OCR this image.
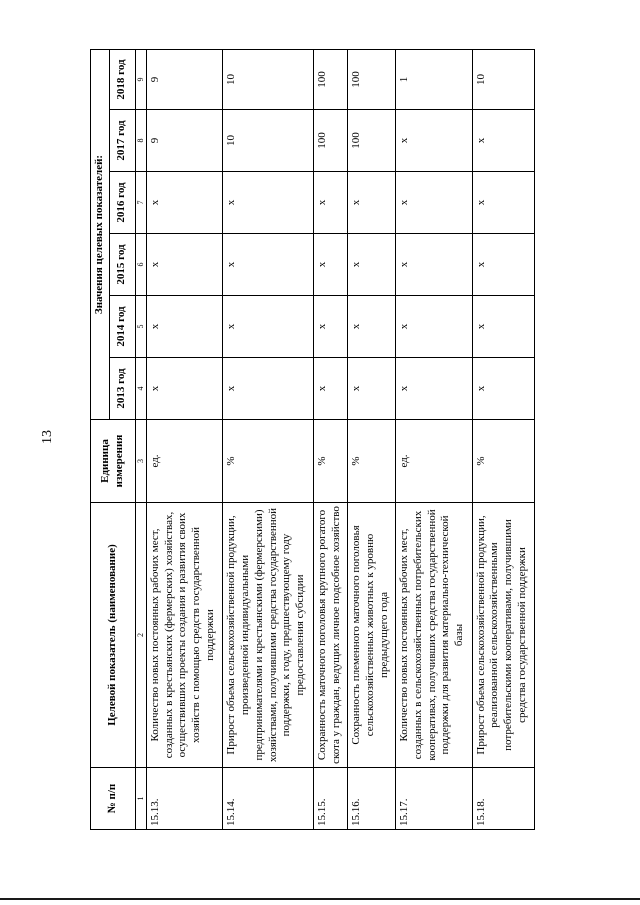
13
№ п/п	Целевой показатель (наименование)	Единица измерения	Значения целевых показателей:					
			2013 год	2014 год	2015 год	2016 год	2017 год	2018 год
1	2	3	4	5	6	7	8	9
15.13.	Количество новых постоянных рабочих мест, созданных в крестьянских (фермерских) хозяйствах, осуществивших проекты создания и развития своих хозяйств с помощью средств государственной поддержки	ед.	х	х	х	х	9	9
15.14.	Прирост объема сельскохозяйственной продукции, произведенной индивидуальными предпринимателями и крестьянскими (фермерскими) хозяйствами, получившими средства государственной поддержки, к году, предшествующему году предоставления субсидии	%	х	х	х	х	10	10
15.15.	Сохранность маточного поголовья крупного рогатого скота у граждан, ведущих личное подсобное хозяйство	%	х	х	х	х	100	100
15.16.	Сохранность племенного маточного поголовья сельскохозяйственных животных к уровню предыдущего года	%	х	х	х	х	100	100
15.17.	Количество новых постоянных рабочих мест, созданных в сельскохозяйственных потребительских кооперативах, получивших средства государственной поддержки для развития материально-технической базы	ед.	х	х	х	х	х	1
15.18.	Прирост объема сельскохозяйственной продукции, реализованной сельскохозяйственными потребительскими кооперативами, получившими средства государственной поддержки	%	х	х	х	х	х	10
